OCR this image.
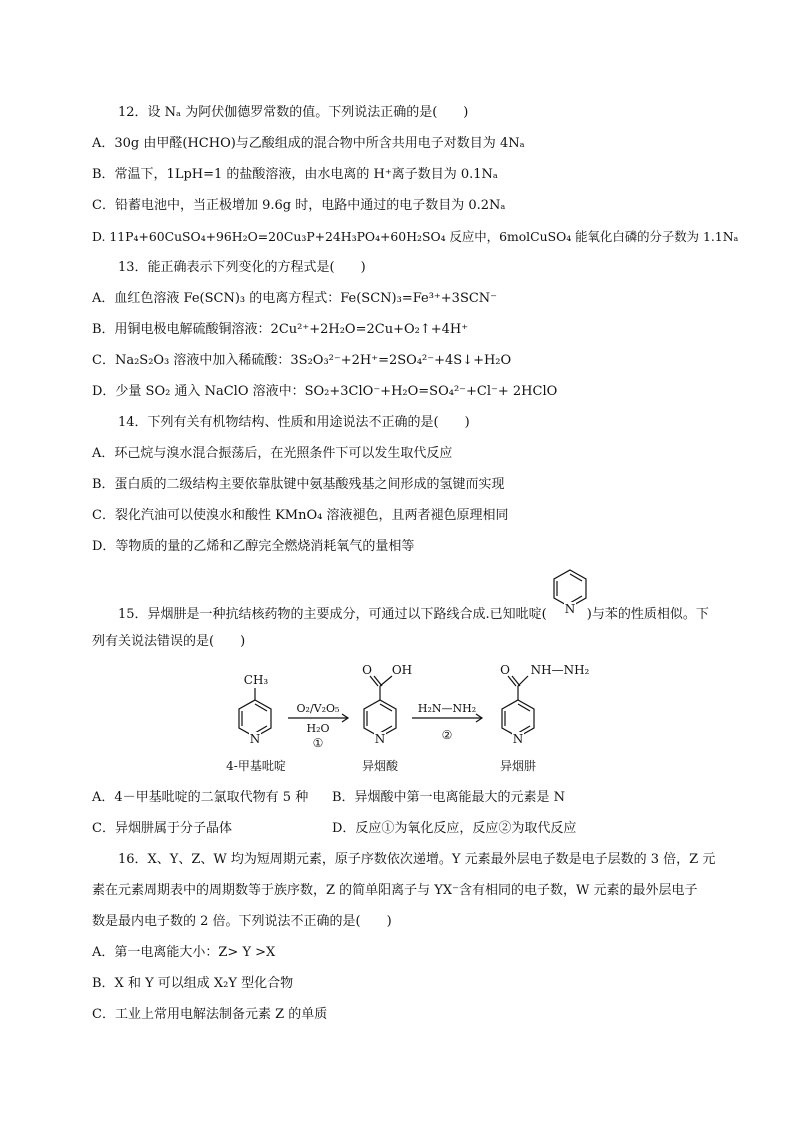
12．设 Nₐ 为阿伏伽德罗常数的值。下列说法正确的是(　　)
A．30g 由甲醛(HCHO)与乙酸组成的混合物中所含共用电子对数目为 4Nₐ
B．常温下，1LpH=1 的盐酸溶液，由水电离的 H⁺离子数目为 0.1Nₐ
C．铅蓄电池中，当正极增加 9.6g 时，电路中通过的电子数目为 0.2Nₐ
D. 11P₄+60CuSO₄+96H₂O=20Cu₃P+24H₃PO₄+60H₂SO₄ 反应中，6molCuSO₄ 能氧化白磷的分子数为 1.1Nₐ
13．能正确表示下列变化的方程式是(　　)
A．血红色溶液 Fe(SCN)₃ 的电离方程式：Fe(SCN)₃=Fe³⁺+3SCN⁻
B．用铜电极电解硫酸铜溶液：2Cu²⁺+2H₂O=2Cu+O₂↑+4H⁺
C．Na₂S₂O₃ 溶液中加入稀硫酸：3S₂O₃²⁻+2H⁺=2SO₄²⁻+4S↓+H₂O
D．少量 SO₂ 通入 NaClO 溶液中：SO₂+3ClO⁻+H₂O=SO₄²⁻+Cl⁻+ 2HClO
14．下列有关有机物结构、性质和用途说法不正确的是(　　)
A．环己烷与溴水混合振荡后，在光照条件下可以发生取代反应
B．蛋白质的二级结构主要依靠肽键中氨基酸残基之间形成的氢键而实现
C．裂化汽油可以使溴水和酸性 KMnO₄ 溶液褪色，且两者褪色原理相同
D．等物质的量的乙烯和乙醇完全燃烧消耗氧气的量相等
15．异烟肼是一种抗结核药物的主要成分，可通过以下路线合成.已知吡啶(	)与苯的性质相似。下
N
列有关说法错误的是(　　)
CH₃
N
O₂/V₂O₅
H₂O
①
O OH
N
H₂N—NH₂
②
O NH—NH₂
N
4-甲基吡啶	异烟酸	异烟肼
A．4－甲基吡啶的二氯取代物有 5 种 B．异烟酸中第一电离能最大的元素是 N
C．异烟肼属于分子晶体	D．反应①为氧化反应，反应②为取代反应
16．X、Y、Z、W 均为短周期元素，原子序数依次递增。Y 元素最外层电子数是电子层数的 3 倍，Z 元
素在元素周期表中的周期数等于族序数，Z 的简单阳离子与 YX⁻含有相同的电子数，W 元素的最外层电子
数是最内电子数的 2 倍。下列说法不正确的是(　　)
A．第一电离能大小：Z> Y >X
B．X 和 Y 可以组成 X₂Y 型化合物
C．工业上常用电解法制备元素 Z 的单质
